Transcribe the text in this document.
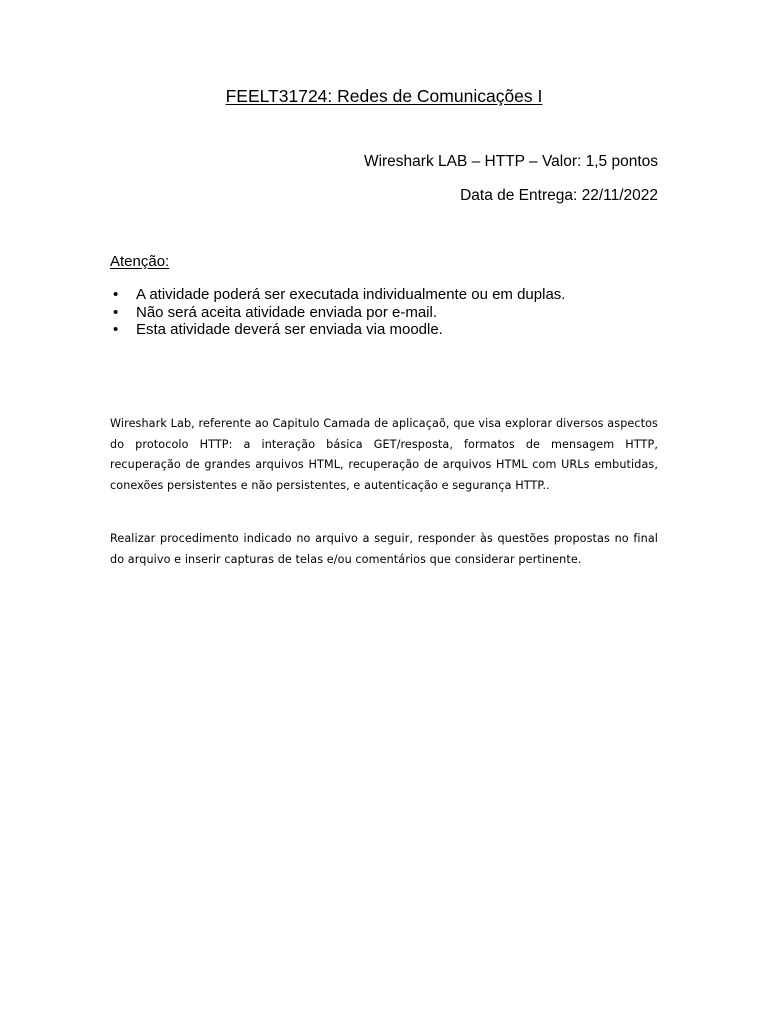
FEELT31724: Redes de Comunicações I
Wireshark LAB – HTTP – Valor: 1,5 pontos
Data de Entrega: 22/11/2022
Atenção:
• A atividade poderá ser executada individualmente ou em duplas.
• Não será aceita atividade enviada por e-mail.
• Esta atividade deverá ser enviada via moodle.

Wireshark Lab, referente ao Capitulo Camada de aplicaçaõ, que visa explorar diversos aspectos do protocolo HTTP: a interação básica GET/resposta, formatos de mensagem HTTP, recuperação de grandes arquivos HTML, recuperação de arquivos HTML com URLs embutidas, conexões persistentes e não persistentes, e autenticação e segurança HTTP..

Realizar procedimento indicado no arquivo a seguir, responder às questões propostas no final do arquivo e inserir capturas de telas e/ou comentários que considerar pertinente.
